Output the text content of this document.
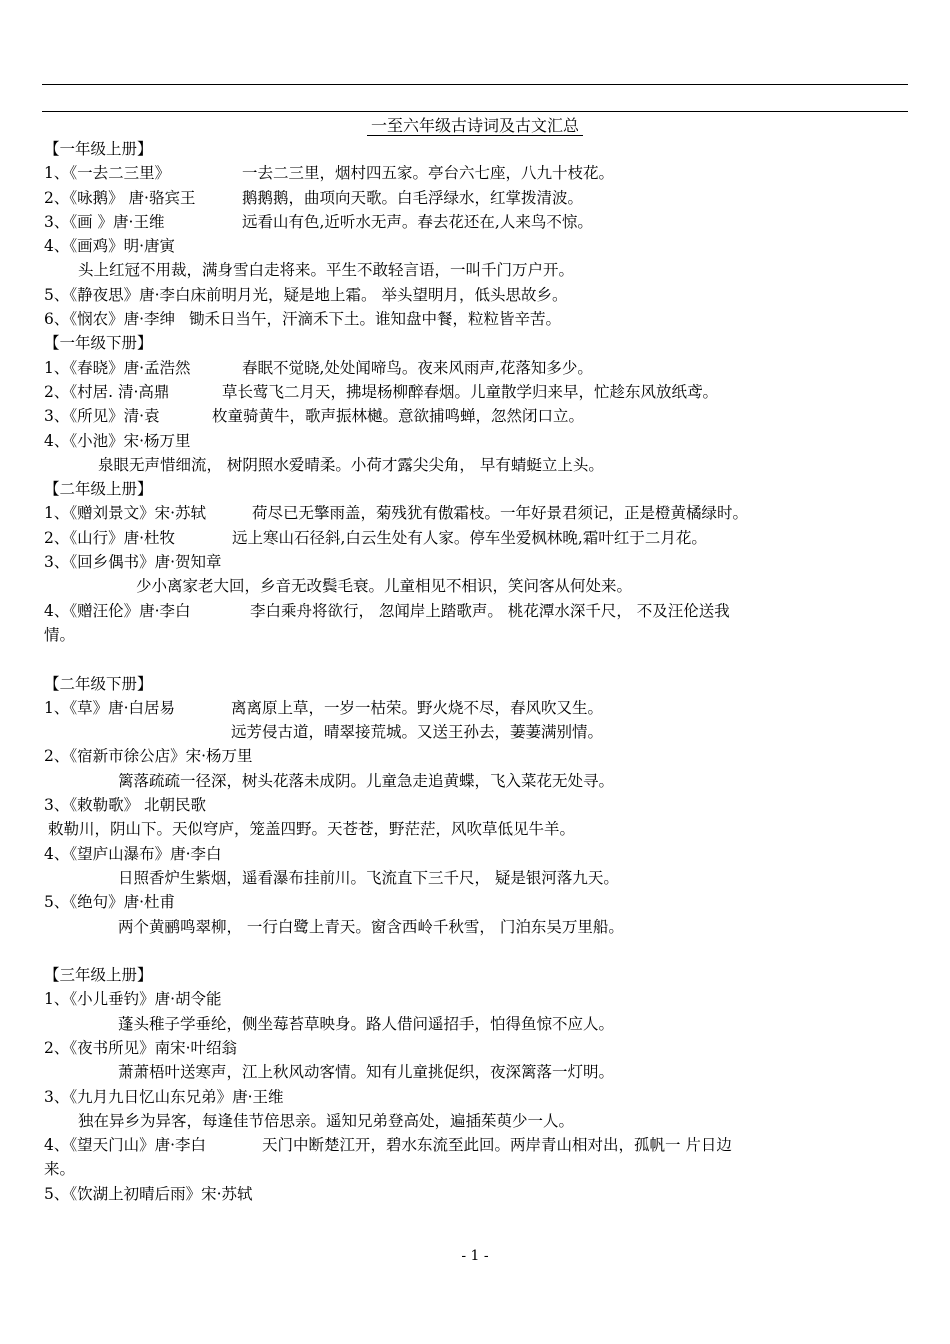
一至六年级古诗词及古文汇总
【一年级上册】
1、《一去二三里》	一去二三里，烟村四五家。亭台六七座，八九十枝花。
2、《咏鹅》 唐·骆宾王	鹅鹅鹅，曲项向天歌。白毛浮绿水，红掌拨清波。
3、《画 》唐·王维	远看山有色,近听水无声。春去花还在,人来鸟不惊。
4、《画鸡》明·唐寅
头上红冠不用裁，满身雪白走将来。平生不敢轻言语，一叫千门万户开。
5、《静夜思》唐·李白床前明月光，疑是地上霜。 举头望明月，低头思故乡。
6、《悯农》唐·李绅 锄禾日当午，汗滴禾下土。谁知盘中餐，粒粒皆辛苦。
【一年级下册】
1、《春晓》唐·孟浩然	春眠不觉晓,处处闻啼鸟。夜来风雨声,花落知多少。
2、《村居. 清·高鼎	草长莺飞二月天，拂堤杨柳醉春烟。儿童散学归来早，忙趁东风放纸鸢。
3、《所见》清·袁	枚童骑黄牛，歌声振林樾。意欲捕鸣蝉，忽然闭口立。
4、《小池》宋·杨万里
泉眼无声惜细流， 树阴照水爱晴柔。小荷才露尖尖角， 早有蜻蜓立上头。
【二年级上册】
1、《赠刘景文》宋·苏轼	荷尽已无擎雨盖，菊残犹有傲霜枝。一年好景君须记，正是橙黄橘绿时。
2、《山行》唐·杜牧	远上寒山石径斜,白云生处有人家。停车坐爱枫林晚,霜叶红于二月花。
3、《回乡偶书》唐·贺知章
少小离家老大回，乡音无改鬓毛衰。儿童相见不相识，笑问客从何处来。
4、《赠汪伦》唐·李白	李白乘舟将欲行， 忽闻岸上踏歌声。 桃花潭水深千尺， 不及汪伦送我
情。
【二年级下册】
1、《草》唐·白居易	离离原上草，一岁一枯荣。野火烧不尽，春风吹又生。
远芳侵古道，晴翠接荒城。又送王孙去，萋萋满别情。
2、《宿新市徐公店》宋·杨万里
篱落疏疏一径深，树头花落未成阴。儿童急走追黄蝶，飞入菜花无处寻。
3、《敕勒歌》 北朝民歌
敕勒川，阴山下。天似穹庐，笼盖四野。天苍苍，野茫茫，风吹草低见牛羊。
4、《望庐山瀑布》唐·李白
日照香炉生紫烟，遥看瀑布挂前川。飞流直下三千尺， 疑是银河落九天。
5、《绝句》唐·杜甫
两个黄鹂鸣翠柳， 一行白鹭上青天。窗含西岭千秋雪， 门泊东吴万里船。
【三年级上册】
1、《小儿垂钓》唐·胡令能
蓬头稚子学垂纶，侧坐莓苔草映身。路人借问遥招手，怕得鱼惊不应人。
2、《夜书所见》南宋·叶绍翁
萧萧梧叶送寒声，江上秋风动客情。知有儿童挑促织，夜深篱落一灯明。
3、《九月九日忆山东兄弟》唐·王维
独在异乡为异客，每逢佳节倍思亲。遥知兄弟登高处，遍插茱萸少一人。
4、《望天门山》唐·李白	天门中断楚江开，碧水东流至此回。两岸青山相对出，孤帆一 片日边
来。
5、《饮湖上初晴后雨》宋·苏轼
- 1 -
